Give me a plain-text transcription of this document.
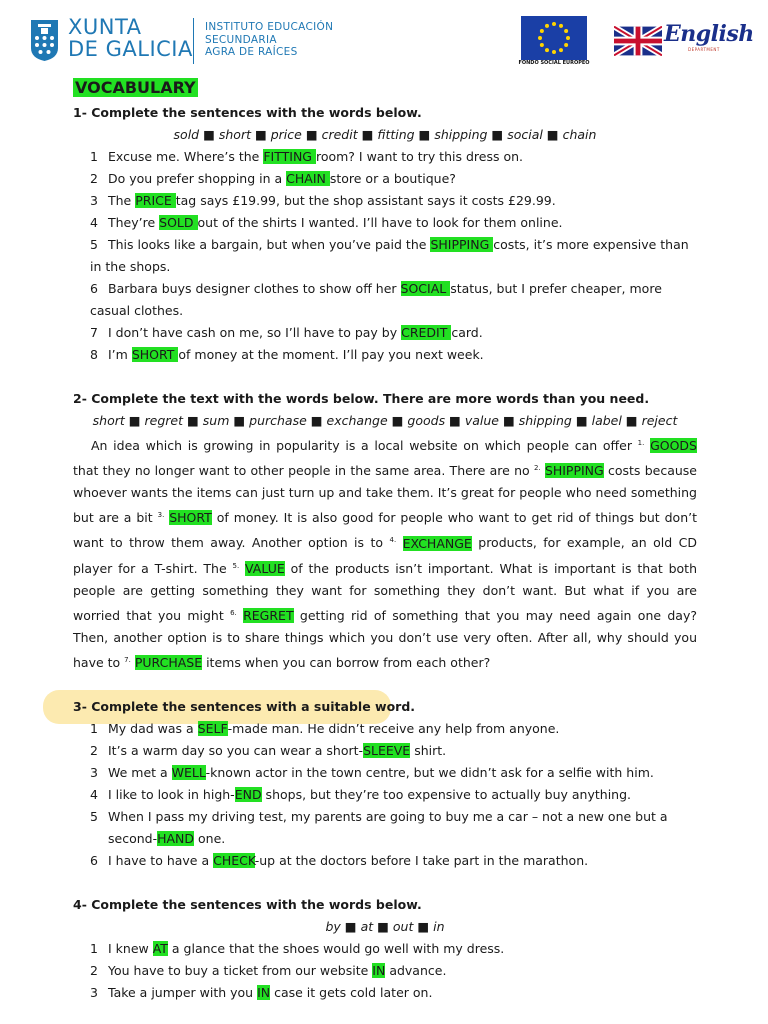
XUNTA
DE GALICIA
INSTITUTO EDUCACIÓN
SECUNDARIA
AGRA DE RAÍCES
FONDO SOCIAL EUROPEO
English
DEPARTMENT
VOCABULARY
1- Complete the sentences with the words below.
sold ■ short ■ price ■ credit ■ fitting ■ shipping ■ social ■ chain
1 Excuse me. Where’s the FITTING room? I want to try this dress on.
2 Do you prefer shopping in a CHAIN store or a boutique?
3 The PRICE tag says £19.99, but the shop assistant says it costs £29.99.
4 They’re SOLD out of the shirts I wanted. I’ll have to look for them online.
5 This looks like a bargain, but when you’ve paid the SHIPPING costs, it’s more expensive than
in the shops.
6 Barbara buys designer clothes to show off her SOCIAL status, but I prefer cheaper, more
casual clothes.
7 I don’t have cash on me, so I’ll have to pay by CREDIT card.
8 I’m SHORT of money at the moment. I’ll pay you next week.
2- Complete the text with the words below. There are more words than you need.
short ■ regret ■ sum ■ purchase ■ exchange ■ goods ■ value ■ shipping ■ label ■ reject
An idea which is growing in popularity is a local website on which people can offer $^{1.}$ GOODS that they no longer want to other people in the same area. There are no $^{2.}$ SHIPPING costs because whoever wants the items can just turn up and take them. It’s great for people who need something but are a bit $^{3.}$ SHORT of money. It is also good for people who want to get rid of things but don’t want to throw them away. Another option is to $^{4.}$ EXCHANGE products, for example, an old CD player for a T-shirt. The $^{5.}$ VALUE of the products isn’t important. What is important is that both people are getting something they want for something they don’t want. But what if you are worried that you might $^{6.}$ REGRET getting rid of something that you may need again one day? Then, another option is to share things which you don’t use very often. After all, why should you have to $^{7.}$ PURCHASE items when you can borrow from each other?
3- Complete the sentences with a suitable word.
1 My dad was a SELF-made man. He didn’t receive any help from anyone.
2 It’s a warm day so you can wear a short-SLEEVE shirt.
3 We met a WELL-known actor in the town centre, but we didn’t ask for a selfie with him.
4 I like to look in high-END shops, but they’re too expensive to actually buy anything.
5 When I pass my driving test, my parents are going to buy me a car – not a new one but a
second-HAND one.
6 I have to have a CHECK-up at the doctors before I take part in the marathon.
4- Complete the sentences with the words below.
by ■ at ■ out ■ in
1 I knew AT a glance that the shoes would go well with my dress.
2 You have to buy a ticket from our website IN advance.
3 Take a jumper with you IN case it gets cold later on.
